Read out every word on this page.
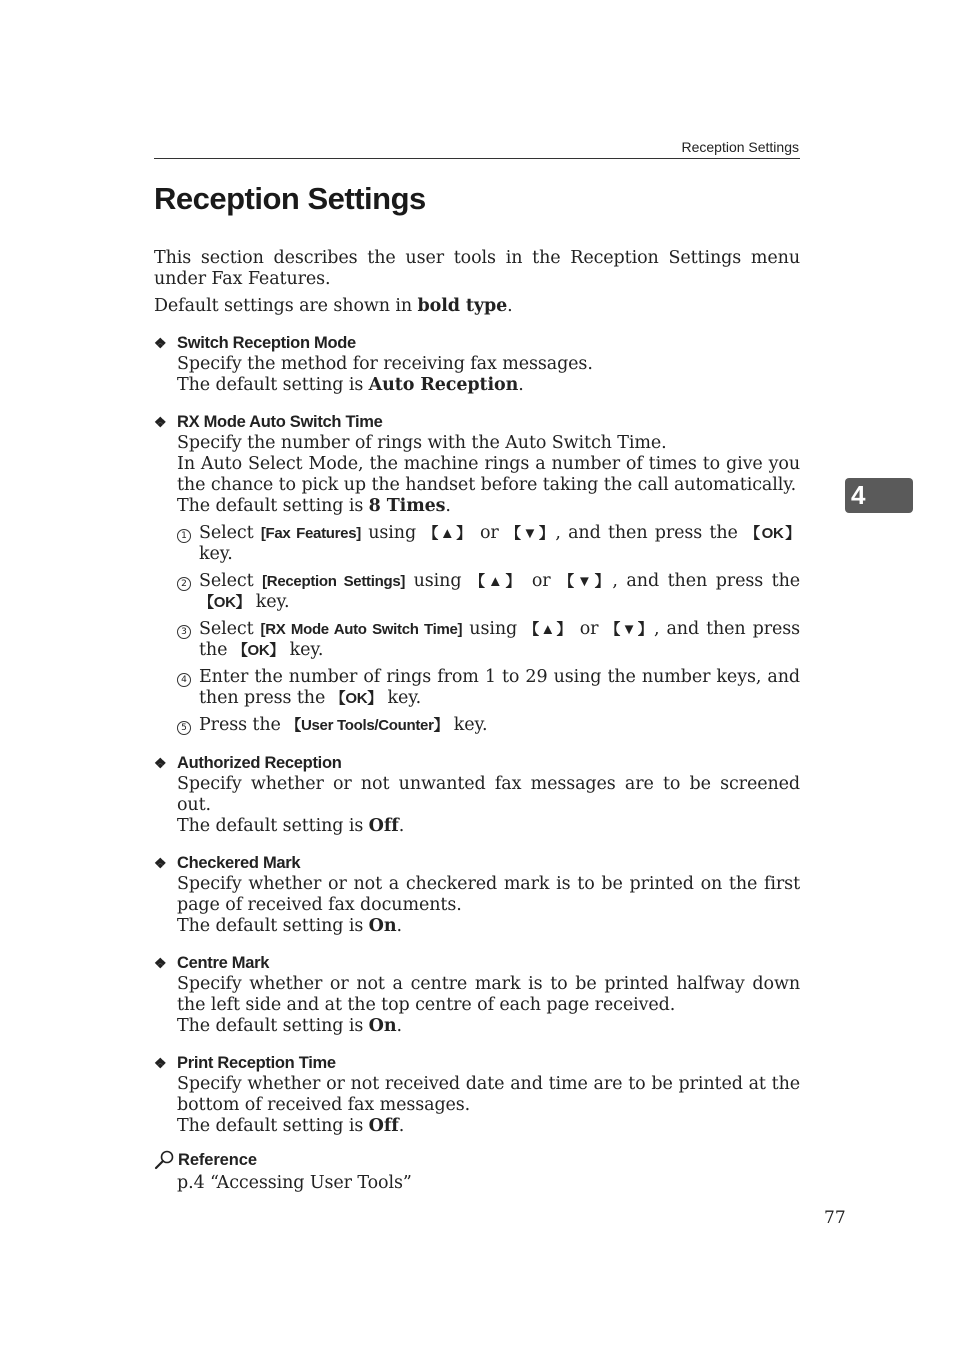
Reception Settings
Reception Settings
4

This section describes the user tools in the Reception Settings menu under Fax Features.

Default settings are shown in bold type.

❖ Switch Reception Mode

Specify the method for receiving fax messages.

The default setting is Auto Reception.

❖ RX Mode Auto Switch Time

Specify the number of rings with the Auto Switch Time.

In Auto Select Mode, the machine rings a number of times to give you the chance to pick up the handset before taking the call automatically.

The default setting is 8 Times.

1 Select [Fax Features] using 【▲】 or 【▼】, and then press the 【OK】 key.
2 Select [Reception Settings] using 【▲】 or 【▼】, and then press the 【OK】 key.
3 Select [RX Mode Auto Switch Time] using 【▲】 or 【▼】, and then press the 【OK】 key.
4 Enter the number of rings from 1 to 29 using the number keys, and then press the 【OK】 key.
5 Press the 【User Tools/Counter】 key.
❖ Authorized Reception

Specify whether or not unwanted fax messages are to be screened out.

The default setting is Off.

❖ Checkered Mark

Specify whether or not a checkered mark is to be printed on the first page of received fax documents.

The default setting is On.

❖ Centre Mark

Specify whether or not a centre mark is to be printed halfway down the left side and at the top centre of each page received.

The default setting is On.

❖ Print Reception Time

Specify whether or not received date and time are to be printed at the bottom of received fax messages.

The default setting is Off.

Reference

p.4 “Accessing User Tools”

77
